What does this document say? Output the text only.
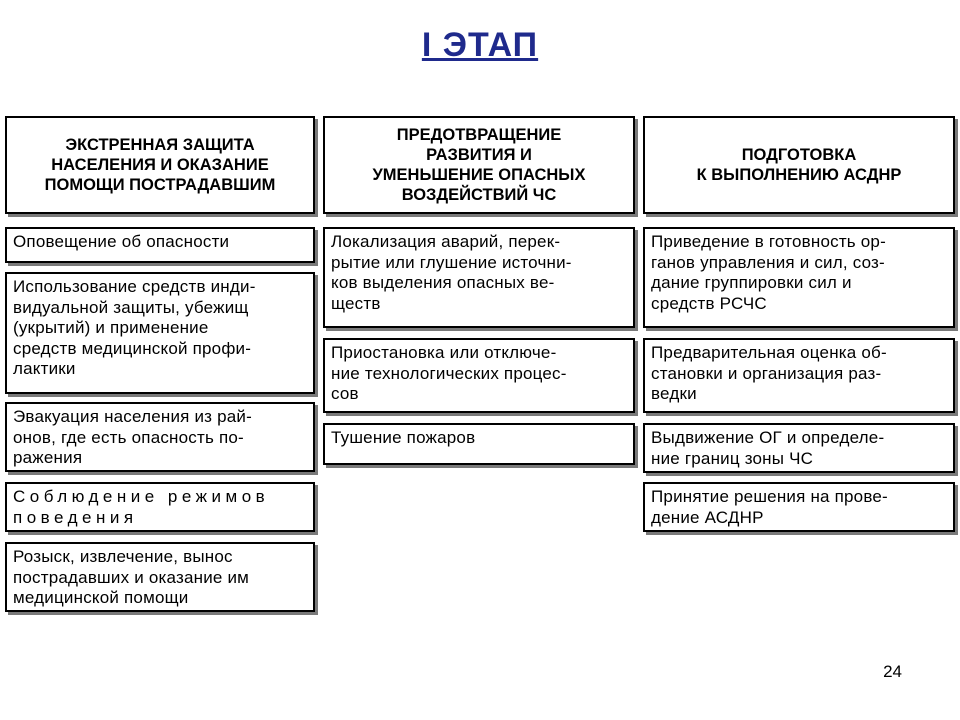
I ЭТАП
ЭКСТРЕННАЯ ЗАЩИТА
НАСЕЛЕНИЯ И ОКАЗАНИЕ
ПОМОЩИ ПОСТРАДАВШИМ
Оповещение об опасности
Использование средств инди-
видуальной защиты, убежищ
(укрытий) и применение
средств медицинской профи-
лактики
Эвакуация населения из рай-
онов, где есть опасность по-
ражения
Соблюдение режимов
поведения
Розыск, извлечение, вынос
пострадавших и оказание им
медицинской помощи
ПРЕДОТВРАЩЕНИЕ
РАЗВИТИЯ И
УМЕНЬШЕНИЕ ОПАСНЫХ
ВОЗДЕЙСТВИЙ ЧС
Локализация аварий, перек-
рытие или глушение источни-
ков выделения опасных ве-
ществ
Приостановка или отключе-
ние технологических процес-
сов
Тушение пожаров
ПОДГОТОВКА
К ВЫПОЛНЕНИЮ АСДНР
Приведение в готовность ор-
ганов управления и сил, соз-
дание группировки сил и
средств РСЧС
Предварительная оценка об-
становки и организация раз-
ведки
Выдвижение ОГ и определе-
ние границ зоны ЧС
Принятие решения на прове-
дение АСДНР
24
